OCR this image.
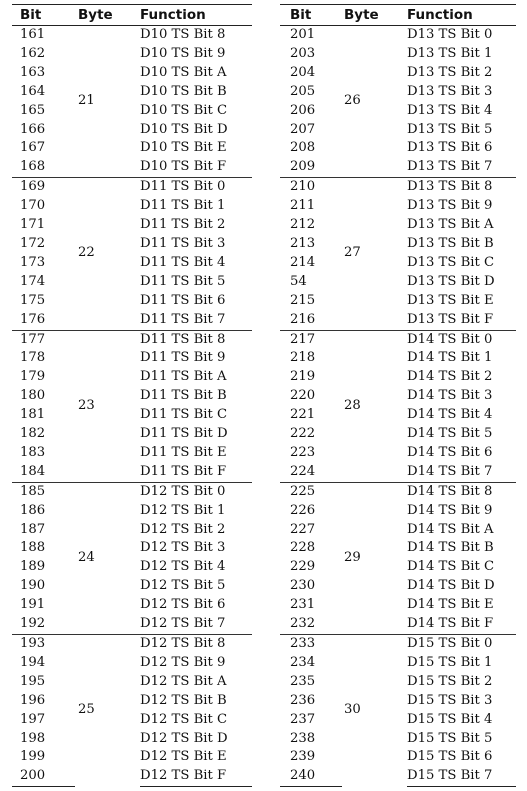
Bit	Byte	Function
161	21	D10 TS Bit 8
162		D10 TS Bit 9
163		D10 TS Bit A
164		D10 TS Bit B
165		D10 TS Bit C
166		D10 TS Bit D
167		D10 TS Bit E
168		D10 TS Bit F
169	22	D11 TS Bit 0
170		D11 TS Bit 1
171		D11 TS Bit 2
172		D11 TS Bit 3
173		D11 TS Bit 4
174		D11 TS Bit 5
175		D11 TS Bit 6
176		D11 TS Bit 7
177	23	D11 TS Bit 8
178		D11 TS Bit 9
179		D11 TS Bit A
180		D11 TS Bit B
181		D11 TS Bit C
182		D11 TS Bit D
183		D11 TS Bit E
184		D11 TS Bit F
185	24	D12 TS Bit 0
186		D12 TS Bit 1
187		D12 TS Bit 2
188		D12 TS Bit 3
189		D12 TS Bit 4
190		D12 TS Bit 5
191		D12 TS Bit 6
192		D12 TS Bit 7
193	25	D12 TS Bit 8
194		D12 TS Bit 9
195		D12 TS Bit A
196		D12 TS Bit B
197		D12 TS Bit C
198		D12 TS Bit D
199		D12 TS Bit E
200		D12 TS Bit F
Bit	Byte	Function
201	26	D13 TS Bit 0
203		D13 TS Bit 1
204		D13 TS Bit 2
205		D13 TS Bit 3
206		D13 TS Bit 4
207		D13 TS Bit 5
208		D13 TS Bit 6
209		D13 TS Bit 7
210	27	D13 TS Bit 8
211		D13 TS Bit 9
212		D13 TS Bit A
213		D13 TS Bit B
214		D13 TS Bit C
54		D13 TS Bit D
215		D13 TS Bit E
216		D13 TS Bit F
217	28	D14 TS Bit 0
218		D14 TS Bit 1
219		D14 TS Bit 2
220		D14 TS Bit 3
221		D14 TS Bit 4
222		D14 TS Bit 5
223		D14 TS Bit 6
224		D14 TS Bit 7
225	29	D14 TS Bit 8
226		D14 TS Bit 9
227		D14 TS Bit A
228		D14 TS Bit B
229		D14 TS Bit C
230		D14 TS Bit D
231		D14 TS Bit E
232		D14 TS Bit F
233	30	D15 TS Bit 0
234		D15 TS Bit 1
235		D15 TS Bit 2
236		D15 TS Bit 3
237		D15 TS Bit 4
238		D15 TS Bit 5
239		D15 TS Bit 6
240		D15 TS Bit 7
